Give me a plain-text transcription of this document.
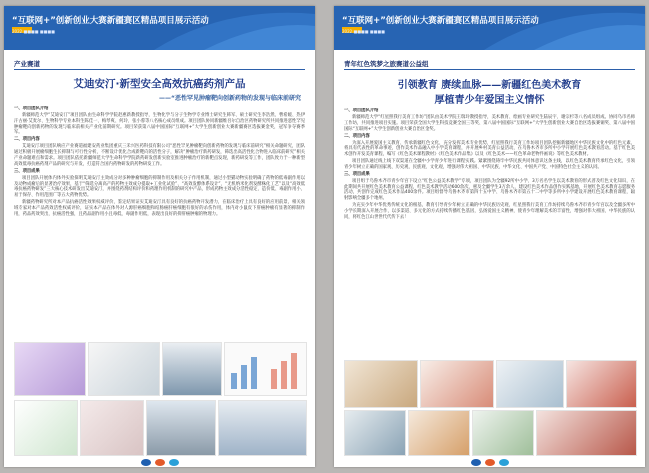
“互联网+”创新创业大赛新疆赛区精品项目展示活动
2022 ■■■■ ■■■■
产业赛道
艾迪安汀·新型安全高效抗癌药剂产品
——“恶性罕见肿瘤靶向创新药物的发现与临床前研究

一、项目团队介绍

新疆师范大学“艾迪安汀”项目团队由生命科学学院赵惠新教授指导，生物化学与分子生物学专业博士研究生韩军、硕士研究生李浩然、曹希媛、热伊汗古丽·艾麦尔、生物科学专业本科生陈佳一、梅琴爽、何玲、张小蓉等八名核心成员组成。项目团队协同新疆维吾尔自治区药物研究所共同推进恶性罕见肿瘤靶向创新药物的发现与临床前相关产业化前期研究。项目荣获第八届中国国际“互联网+”大学生创新创业大赛新疆赛区选拔赛金奖，冠军争夺赛季军。

二、项目内容

艾迪安汀项目团队响应产业赛道福建安药业集团重庆三禾兴医药科技有限公司“恶性罕见肿瘤靶向创新药物的发现与临床前研究”相关命题研究，团队通过积极开展瘤细胞生长抑制与可行性分析，不断设计优化合成新靶向的活性分子，解决“肿瘤治疗新药研发，筛选出高活性化合物进入临床前研究”相关产业命题难点和需求。项目团队依托新疆师范大学生命科学学院新药研发创新实验室推进肿瘤治疗的新靶点发现，新药研发等工作，团队致力于一种新型高效低毒抗癌药剂产品的研究与开发，打造符合国内药物研发的药物研发工作。

三、项目成果

项目团队开展体内体外实验探明艾迪安汀主效成分对多种肿瘤细胞的抑制作用及相关分子作用机制，通过小型猫动物实验明确了药物的低毒副作用以及动物成瘤后的显著治疗效果，基于“筛选分离高产的药物主效成分提取+工业化试验”、“高效发酵体系设计”、“无机纳米化剂发酵株化工艺”以及“高效低毒抗癌药物研发”三大核心技术研发出艾迪安汀，并围绕药剂结构评价和药理作用机制的研究中产品，形成药物主效成分活性稳定、造价低、毒副作用小、易于保存、作用范围广等五大药物优势。

新疆药物研究所对本产品抗癌活性效果权威评价，鉴定结果证实艾迪安汀具有良好的抗癌药物开发潜力，在临床治疗上具有良好的应用前景，相关领域专家对本产品药效活性权威评价，证实本产品在体外对人源肝癌细胞和结肠癌肝癌细胞有很好的杀伤作用，体内对小鼠皮下肝癌肿瘤有显著的抑制作用，药品药效突出，抗癌活性强，且药品副作用小且毒低，毒副作用低，表现出良好的抑肝癌肿瘤的物理力。

“互联网+”创新创业大赛新疆赛区精品项目展示活动
2022 ■■■■ ■■■■
青年红色筑梦之旅赛道公益组
引领教育 赓续血脉——新疆红色美术教育
厚植青少年爱国主义情怀

一、项目团队介绍

新疆师范大学“红星照我行美育工作坊”团队由美术学院王瑞玲教授指导，美术教育、绘画专业研究生陆辰宇、谢宗杉等八名成员组成。协同乌市名师工作坊，共同推进项目实施。项目荣获全国大学生科技竞赛全国三等奖、第八届中国国际“互联网+”大学生创新创业大赛自治区选拔赛铜奖、第八届中国国际“互联网+”大学生创新创业大赛自治区金奖。

二、项目内容

为深入开展爱国主义教育、传承新疆红色文化，充分发挥美术专业优势，红星照我行美育工作坊项目团队挖掘新疆地区中华民族文化中的红色元素，将具有代表性的革命事迹，创作美术作品融入中小学美育课程，并开展乡村美育公益活动，在乌鲁木齐市多所中小学开展红色美术教育活动。基于红色美术创作开发美育课程，编写《红色美术课程教材》《红色美术作品集》以及《红色美术——红色革命老物件画说》等红色美术教材。

项目团队通过线上线下双渠道在全疆中小学青少年进行课程实践。紧紧围绕铸牢中华民族共同体意识这条主线，以红色美术教育传承红色文化，引领青少年树立正确的国家观、历史观、民族观、文化观，增强对伟大祖国、中华民族、中华文化、中国共产党、中国特色社会主义的认同。

三、项目成果

项目组于乌鲁木齐市青少年宫下设立“红色公益美术教学”专项，项目团队为全疆92所中小学、3万名名学生以美术教育的形式普及红色文化知识，在此期间共开展红色美术教育公益课程，红色美术教学活动600余次，惠及全疆学生3万余人，建设红色美术作品创作实践基地，开展红色美术教育志愿服务活动，共创作完成红色美术作品400余件。项目组督导乌鲁木齐市第四十五中学、乌鲁木齐市第五十二中学等多所中小学建设开展红色美术教育课程，辐射影响全疆多个地州。

为充实少年中华优秀传统文化的根基，教育引导青少年树立正确的中华民族历史观，红星照我行美育工作坊持续乌鲁木齐市青少年宫以及全疆多所中小学长期深入开展合作，以多渠道、多元化的方式持续传播红色基因，弘扬爱国主义精神，使青少年理解美术的丰富性，增强对伟大祖国、中华民族的认同，将红色江山世世代代传下去！
